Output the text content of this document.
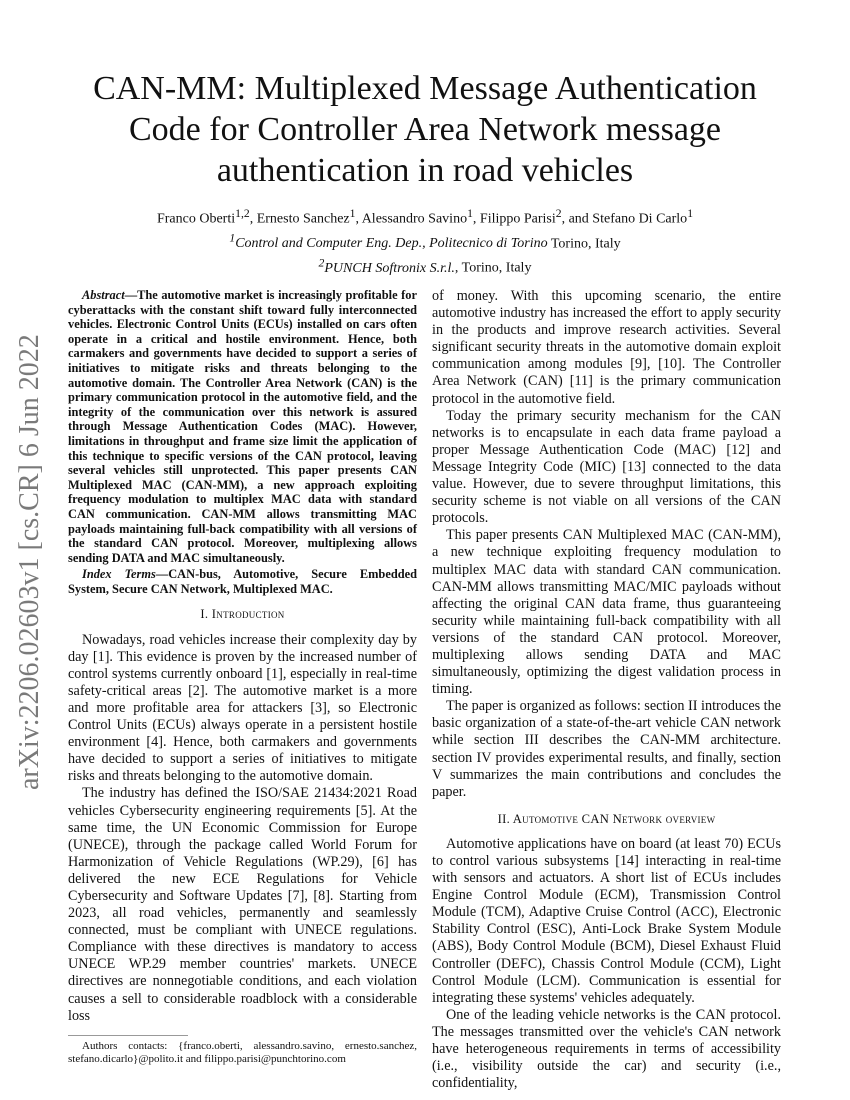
CAN-MM: Multiplexed Message Authentication Code for Controller Area Network message authentication in road vehicles
Franco Oberti$^{1,2}$, Ernesto Sanchez$^1$, Alessandro Savino$^1$, Filippo Parisi$^2$, and Stefano Di Carlo$^1$
$^1$Control and Computer Eng. Dep., Politecnico di Torino Torino, Italy
$^2$PUNCH Softronix S.r.l., Torino, Italy
arXiv:2206.02603v1 [cs.CR] 6 Jun 2022

Abstract—The automotive market is increasingly profitable for cyberattacks with the constant shift toward fully interconnected vehicles. Electronic Control Units (ECUs) installed on cars often operate in a critical and hostile environment. Hence, both carmakers and governments have decided to support a series of initiatives to mitigate risks and threats belonging to the automotive domain. The Controller Area Network (CAN) is the primary communication protocol in the automotive field, and the integrity of the communication over this network is assured through Message Authentication Codes (MAC). However, limitations in throughput and frame size limit the application of this technique to specific versions of the CAN protocol, leaving several vehicles still unprotected. This paper presents CAN Multiplexed MAC (CAN-MM), a new approach exploiting frequency modulation to multiplex MAC data with standard CAN communication. CAN-MM allows transmitting MAC payloads maintaining full-back compatibility with all versions of the standard CAN protocol. Moreover, multiplexing allows sending DATA and MAC simultaneously.

Index Terms—CAN-bus, Automotive, Secure Embedded System, Secure CAN Network, Multiplexed MAC.

I. Introduction

Nowadays, road vehicles increase their complexity day by day [1]. This evidence is proven by the increased number of control systems currently onboard [1], especially in real-time safety-critical areas [2]. The automotive market is a more and more profitable area for attackers [3], so Electronic Control Units (ECUs) always operate in a persistent hostile environment [4]. Hence, both carmakers and governments have decided to support a series of initiatives to mitigate risks and threats belonging to the automotive domain.

The industry has defined the ISO/SAE 21434:2021 Road vehicles Cybersecurity engineering requirements [5]. At the same time, the UN Economic Commission for Europe (UNECE), through the package called World Forum for Harmonization of Vehicle Regulations (WP.29), [6] has delivered the new ECE Regulations for Vehicle Cybersecurity and Software Updates [7], [8]. Starting from 2023, all road vehicles, permanently and seamlessly connected, must be compliant with UNECE regulations. Compliance with these directives is mandatory to access UNECE WP.29 member countries' markets. UNECE directives are nonnegotiable conditions, and each violation causes a sell to considerable roadblock with a considerable loss

Authors contacts: {franco.oberti, alessandro.savino, ernesto.sanchez, stefano.dicarlo}@polito.it and filippo.parisi@punchtorino.com

of money. With this upcoming scenario, the entire automotive industry has increased the effort to apply security in the products and improve research activities. Several significant security threats in the automotive domain exploit communication among modules [9], [10]. The Controller Area Network (CAN) [11] is the primary communication protocol in the automotive field.

Today the primary security mechanism for the CAN networks is to encapsulate in each data frame payload a proper Message Authentication Code (MAC) [12] and Message Integrity Code (MIC) [13] connected to the data value. However, due to severe throughput limitations, this security scheme is not viable on all versions of the CAN protocols.

This paper presents CAN Multiplexed MAC (CAN-MM), a new technique exploiting frequency modulation to multiplex MAC data with standard CAN communication. CAN-MM allows transmitting MAC/MIC payloads without affecting the original CAN data frame, thus guaranteeing security while maintaining full-back compatibility with all versions of the standard CAN protocol. Moreover, multiplexing allows sending DATA and MAC simultaneously, optimizing the digest validation process in timing.

The paper is organized as follows: section II introduces the basic organization of a state-of-the-art vehicle CAN network while section III describes the CAN-MM architecture. section IV provides experimental results, and finally, section V summarizes the main contributions and concludes the paper.

II. Automotive CAN Network overview

Automotive applications have on board (at least 70) ECUs to control various subsystems [14] interacting in real-time with sensors and actuators. A short list of ECUs includes Engine Control Module (ECM), Transmission Control Module (TCM), Adaptive Cruise Control (ACC), Electronic Stability Control (ESC), Anti-Lock Brake System Module (ABS), Body Control Module (BCM), Diesel Exhaust Fluid Controller (DEFC), Chassis Control Module (CCM), Light Control Module (LCM). Communication is essential for integrating these systems' vehicles adequately.

One of the leading vehicle networks is the CAN protocol. The messages transmitted over the vehicle's CAN network have heterogeneous requirements in terms of accessibility (i.e., visibility outside the car) and security (i.e., confidentiality,
